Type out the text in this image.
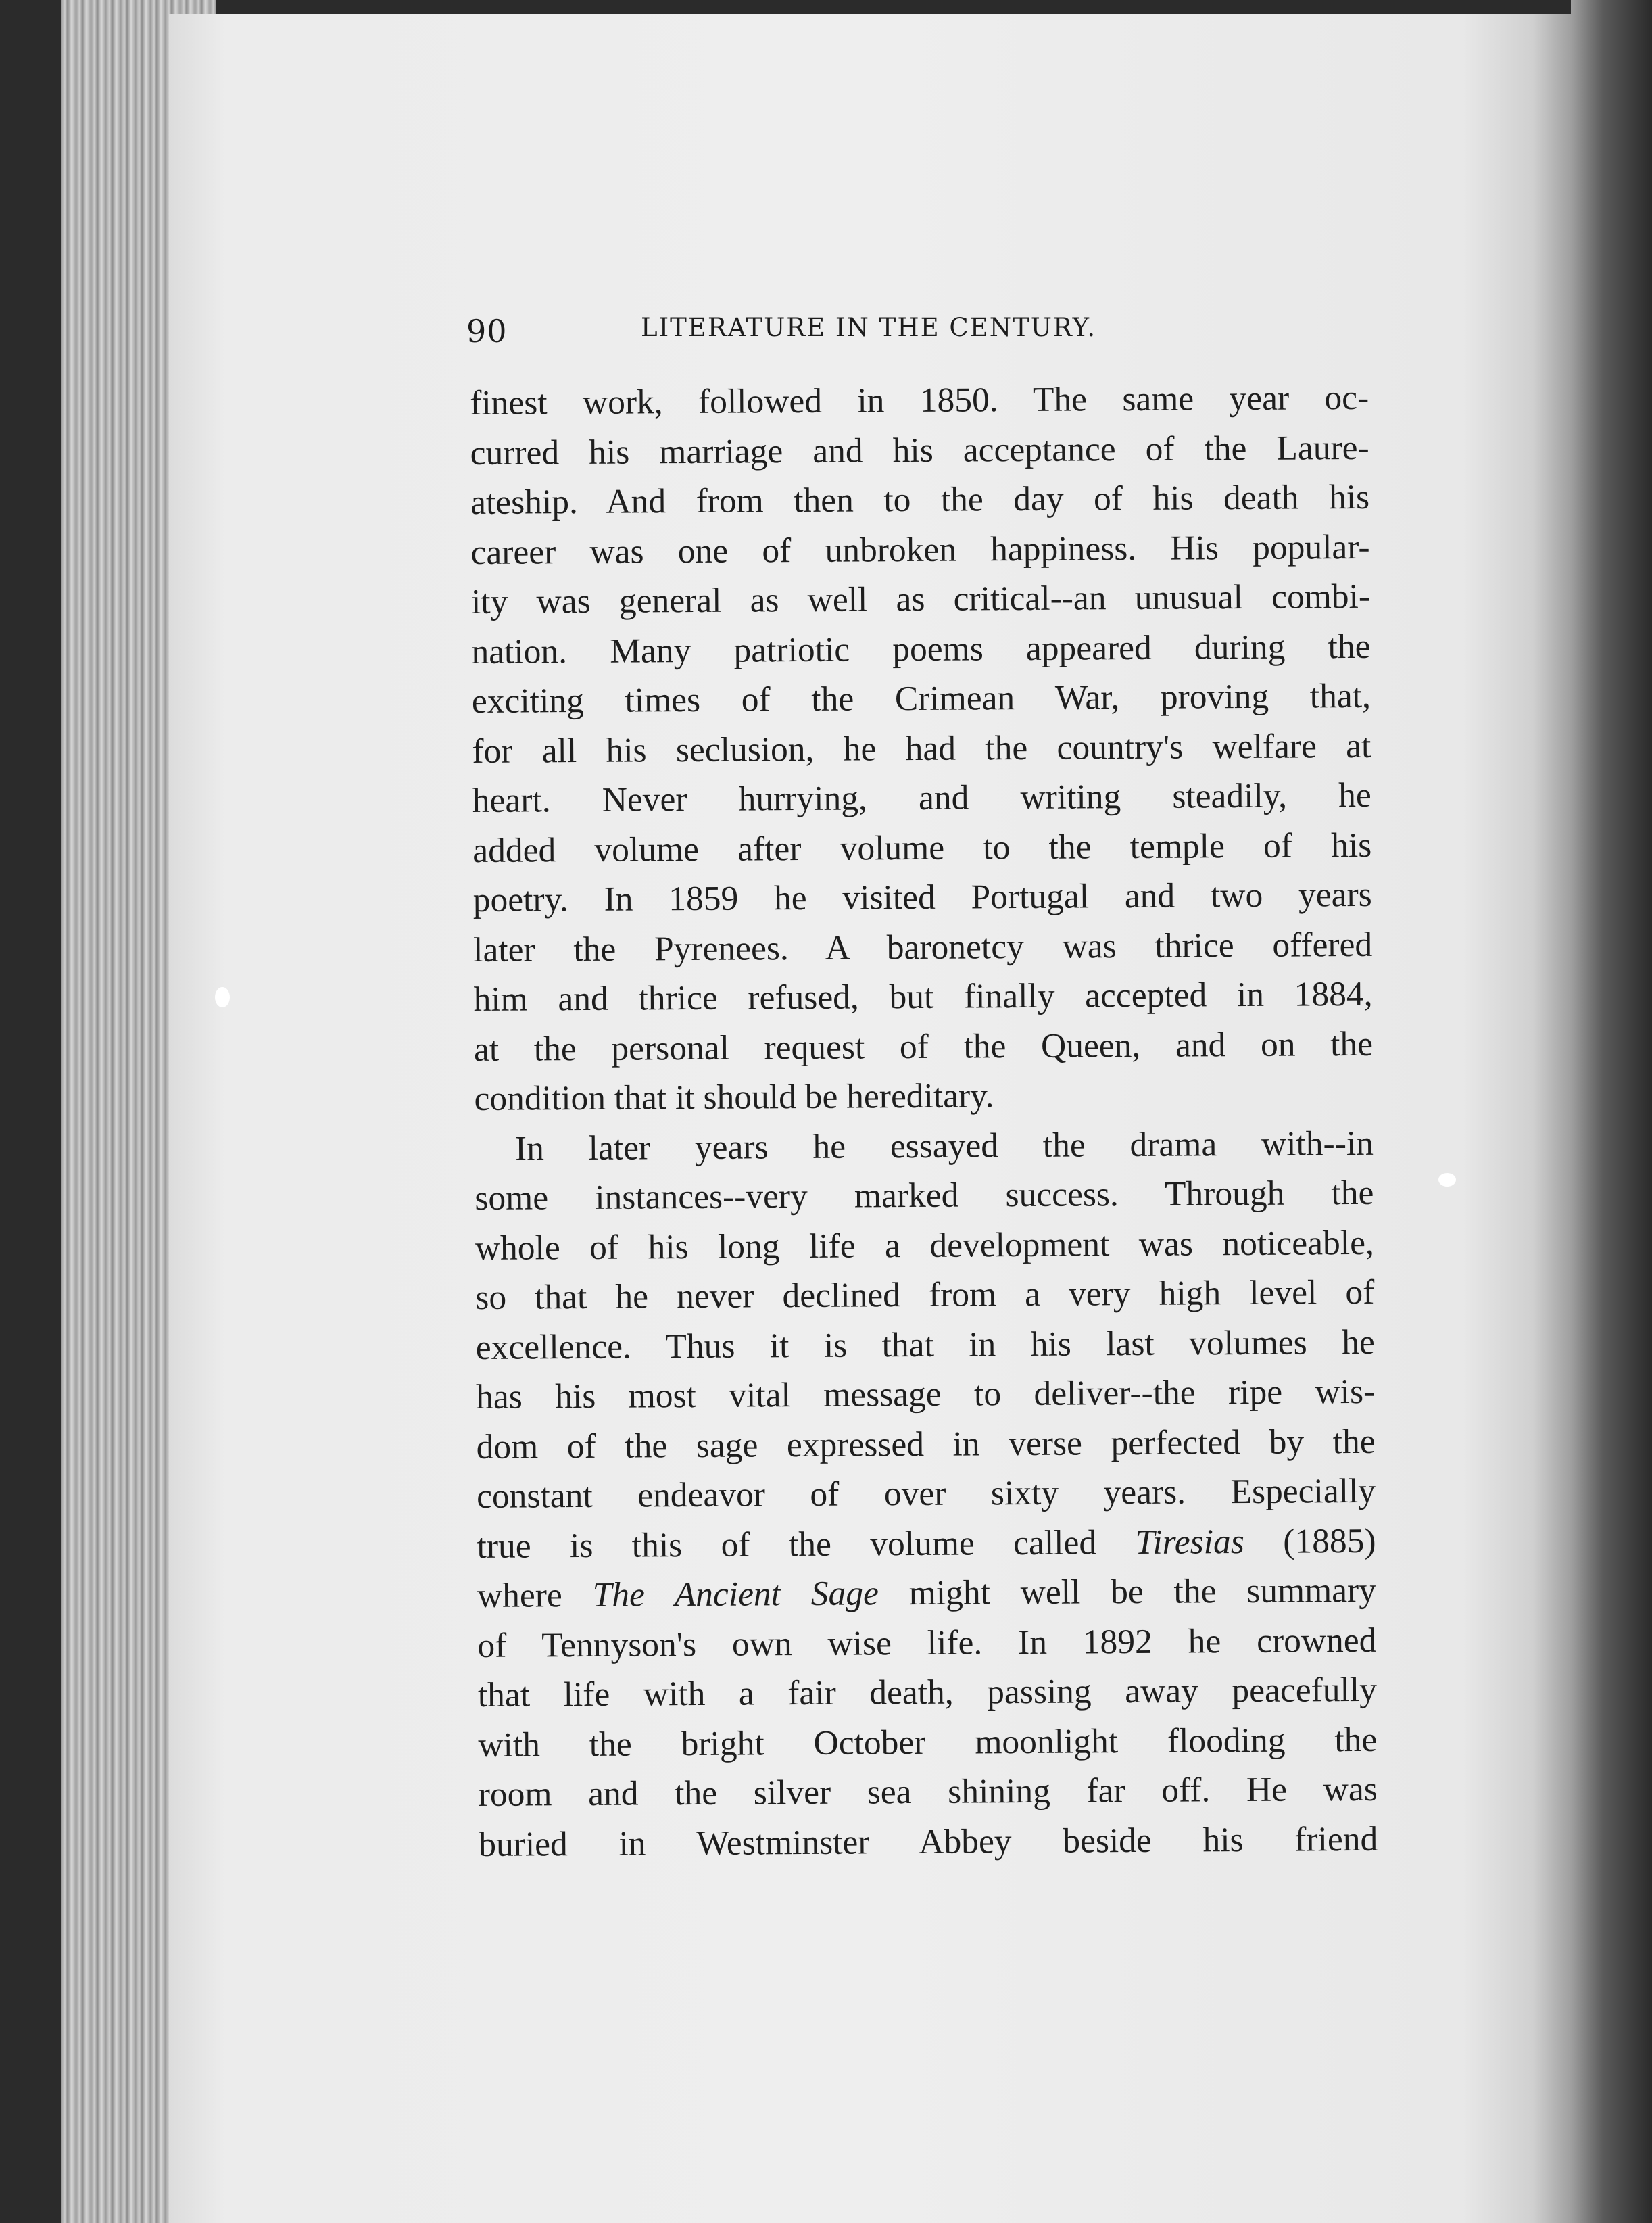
90	LITERATURE IN THE CENTURY.
finest work, followed in 1850. The same year oc-
curred his marriage and his acceptance of the Laure-
ateship. And from then to the day of his death his
career was one of unbroken happiness. His popular-
ity was general as well as critical--an unusual combi-
nation. Many patriotic poems appeared during the
exciting times of the Crimean War, proving that,
for all his seclusion, he had the country's welfare at
heart. Never hurrying, and writing steadily, he
added volume after volume to the temple of his
poetry. In 1859 he visited Portugal and two years
later the Pyrenees. A baronetcy was thrice offered
him and thrice refused, but finally accepted in 1884,
at the personal request of the Queen, and on the
condition that it should be hereditary.
In later years he essayed the drama with--in
some instances--very marked success. Through the
whole of his long life a development was noticeable,
so that he never declined from a very high level of
excellence. Thus it is that in his last volumes he
has his most vital message to deliver--the ripe wis-
dom of the sage expressed in verse perfected by the
constant endeavor of over sixty years. Especially
true is this of the volume called Tiresias (1885)
where The Ancient Sage might well be the summary
of Tennyson's own wise life. In 1892 he crowned
that life with a fair death, passing away peacefully
with the bright October moonlight flooding the
room and the silver sea shining far off. He was
buried in Westminster Abbey beside his friend
